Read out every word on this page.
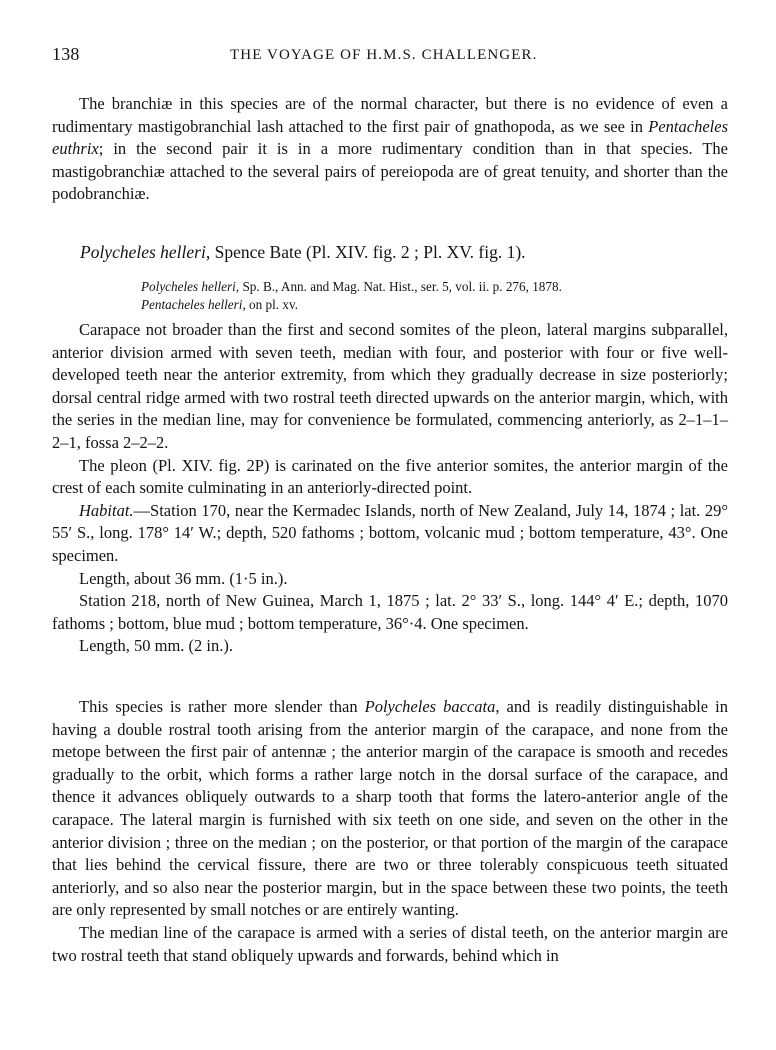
138	THE VOYAGE OF H.M.S. CHALLENGER.

The branchiæ in this species are of the normal character, but there is no evidence of even a rudimentary mastigobranchial lash attached to the first pair of gnathopoda, as we see in Pentacheles euthrix; in the second pair it is in a more rudimentary condition than in that species. The mastigobranchiæ attached to the several pairs of pereiopoda are of great tenuity, and shorter than the podobranchiæ.

Polycheles helleri, Spence Bate (Pl. XIV. fig. 2 ; Pl. XV. fig. 1).
Polycheles helleri, Sp. B., Ann. and Mag. Nat. Hist., ser. 5, vol. ii. p. 276, 1878.
Pentacheles helleri, on pl. xv.

Carapace not broader than the first and second somites of the pleon, lateral margins subparallel, anterior division armed with seven teeth, median with four, and posterior with four or five well-developed teeth near the anterior extremity, from which they gradually decrease in size posteriorly; dorsal central ridge armed with two rostral teeth directed upwards on the anterior margin, which, with the series in the median line, may for convenience be formulated, commencing anteriorly, as 2–1–1–2–1, fossa 2–2–2.

The pleon (Pl. XIV. fig. 2P) is carinated on the five anterior somites, the anterior margin of the crest of each somite culminating in an anteriorly-directed point.

Habitat.—Station 170, near the Kermadec Islands, north of New Zealand, July 14, 1874 ; lat. 29° 55′ S., long. 178° 14′ W.; depth, 520 fathoms ; bottom, volcanic mud ; bottom temperature, 43°. One specimen.

Length, about 36 mm. (1·5 in.).

Station 218, north of New Guinea, March 1, 1875 ; lat. 2° 33′ S., long. 144° 4′ E.; depth, 1070 fathoms ; bottom, blue mud ; bottom temperature, 36°·4. One specimen.

Length, 50 mm. (2 in.).

This species is rather more slender than Polycheles baccata, and is readily distinguishable in having a double rostral tooth arising from the anterior margin of the carapace, and none from the metope between the first pair of antennæ ; the anterior margin of the carapace is smooth and recedes gradually to the orbit, which forms a rather large notch in the dorsal surface of the carapace, and thence it advances obliquely outwards to a sharp tooth that forms the latero-anterior angle of the carapace. The lateral margin is furnished with six teeth on one side, and seven on the other in the anterior division ; three on the median ; on the posterior, or that portion of the margin of the carapace that lies behind the cervical fissure, there are two or three tolerably conspicuous teeth situated anteriorly, and so also near the posterior margin, but in the space between these two points, the teeth are only represented by small notches or are entirely wanting.

The median line of the carapace is armed with a series of distal teeth, on the anterior margin are two rostral teeth that stand obliquely upwards and forwards, behind which in
